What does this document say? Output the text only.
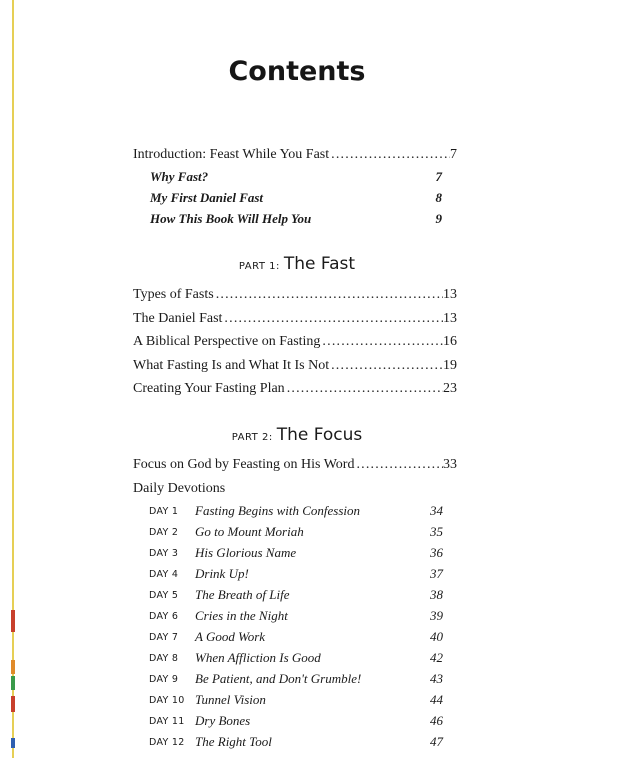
Contents
Introduction: Feast While You Fast .....	7
Why Fast?	7
My First Daniel Fast	8
How This Book Will Help You	9
PART 1: The Fast
Types of Fasts .....	13
The Daniel Fast .....	13
A Biblical Perspective on Fasting .....	16
What Fasting Is and What It Is Not .....	19
Creating Your Fasting Plan .....	23
PART 2: The Focus
Focus on God by Feasting on His Word .....	33
Daily Devotions
DAY 1 Fasting Begins with Confession	34
DAY 2 Go to Mount Moriah	35
DAY 3 His Glorious Name	36
DAY 4 Drink Up!	37
DAY 5 The Breath of Life	38
DAY 6 Cries in the Night	39
DAY 7 A Good Work	40
DAY 8 When Affliction Is Good	42
DAY 9 Be Patient, and Don't Grumble!	43
DAY 10 Tunnel Vision	44
DAY 11 Dry Bones	46
DAY 12 The Right Tool	47
